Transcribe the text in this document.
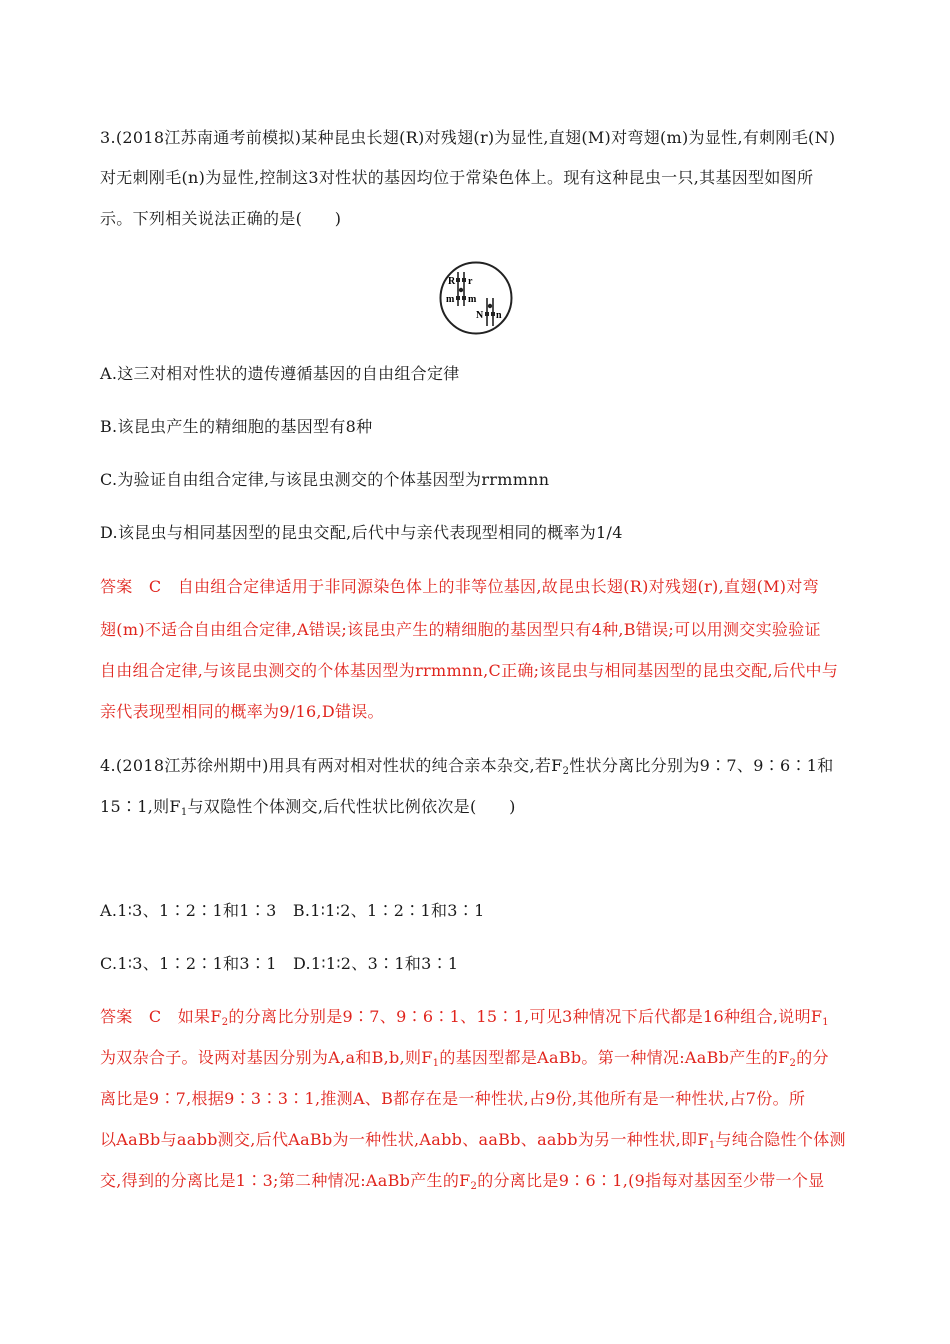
3.(2018江苏南通考前模拟)某种昆虫长翅(R)对残翅(r)为显性,直翅(M)对弯翅(m)为显性,有刺刚毛(N)
对无刺刚毛(n)为显性,控制这3对性状的基因均位于常染色体上。现有这种昆虫一只,其基因型如图所
示。下列相关说法正确的是(　　)
R r
m m
N n
A.这三对相对性状的遗传遵循基因的自由组合定律
B.该昆虫产生的精细胞的基因型有8种
C.为验证自由组合定律,与该昆虫测交的个体基因型为rrmmnn
D.该昆虫与相同基因型的昆虫交配,后代中与亲代表现型相同的概率为1/4
答案　C　自由组合定律适用于非同源染色体上的非等位基因,故昆虫长翅(R)对残翅(r),直翅(M)对弯
翅(m)不适合自由组合定律,A错误;该昆虫产生的精细胞的基因型只有4种,B错误;可以用测交实验验证
自由组合定律,与该昆虫测交的个体基因型为rrmmnn,C正确;该昆虫与相同基因型的昆虫交配,后代中与
亲代表现型相同的概率为9/16,D错误。
4.(2018江苏徐州期中)用具有两对相对性状的纯合亲本杂交,若$F_2$性状分离比分别为9∶7、9∶6∶1和
15∶1,则$F_1$与双隐性个体测交,后代性状比例依次是(　　)
A.1∶3、1∶2∶1和1∶3　B.1∶1∶2、1∶2∶1和3∶1
C.1∶3、1∶2∶1和3∶1　D.1∶1∶2、3∶1和3∶1
答案　C　如果$F_2$的分离比分别是9∶7、9∶6∶1、15∶1,可见3种情况下后代都是16种组合,说明$F_1$
为双杂合子。设两对基因分别为A,a和B,b,则$F_1$的基因型都是AaBb。第一种情况:AaBb产生的$F_2$的分
离比是9∶7,根据9∶3∶3∶1,推测A、B都存在是一种性状,占9份,其他所有是一种性状,占7份。所
以AaBb与aabb测交,后代AaBb为一种性状,Aabb、aaBb、aabb为另一种性状,即$F_1$与纯合隐性个体测
交,得到的分离比是1∶3;第二种情况:AaBb产生的$F_2$的分离比是9∶6∶1,(9指每对基因至少带一个显
